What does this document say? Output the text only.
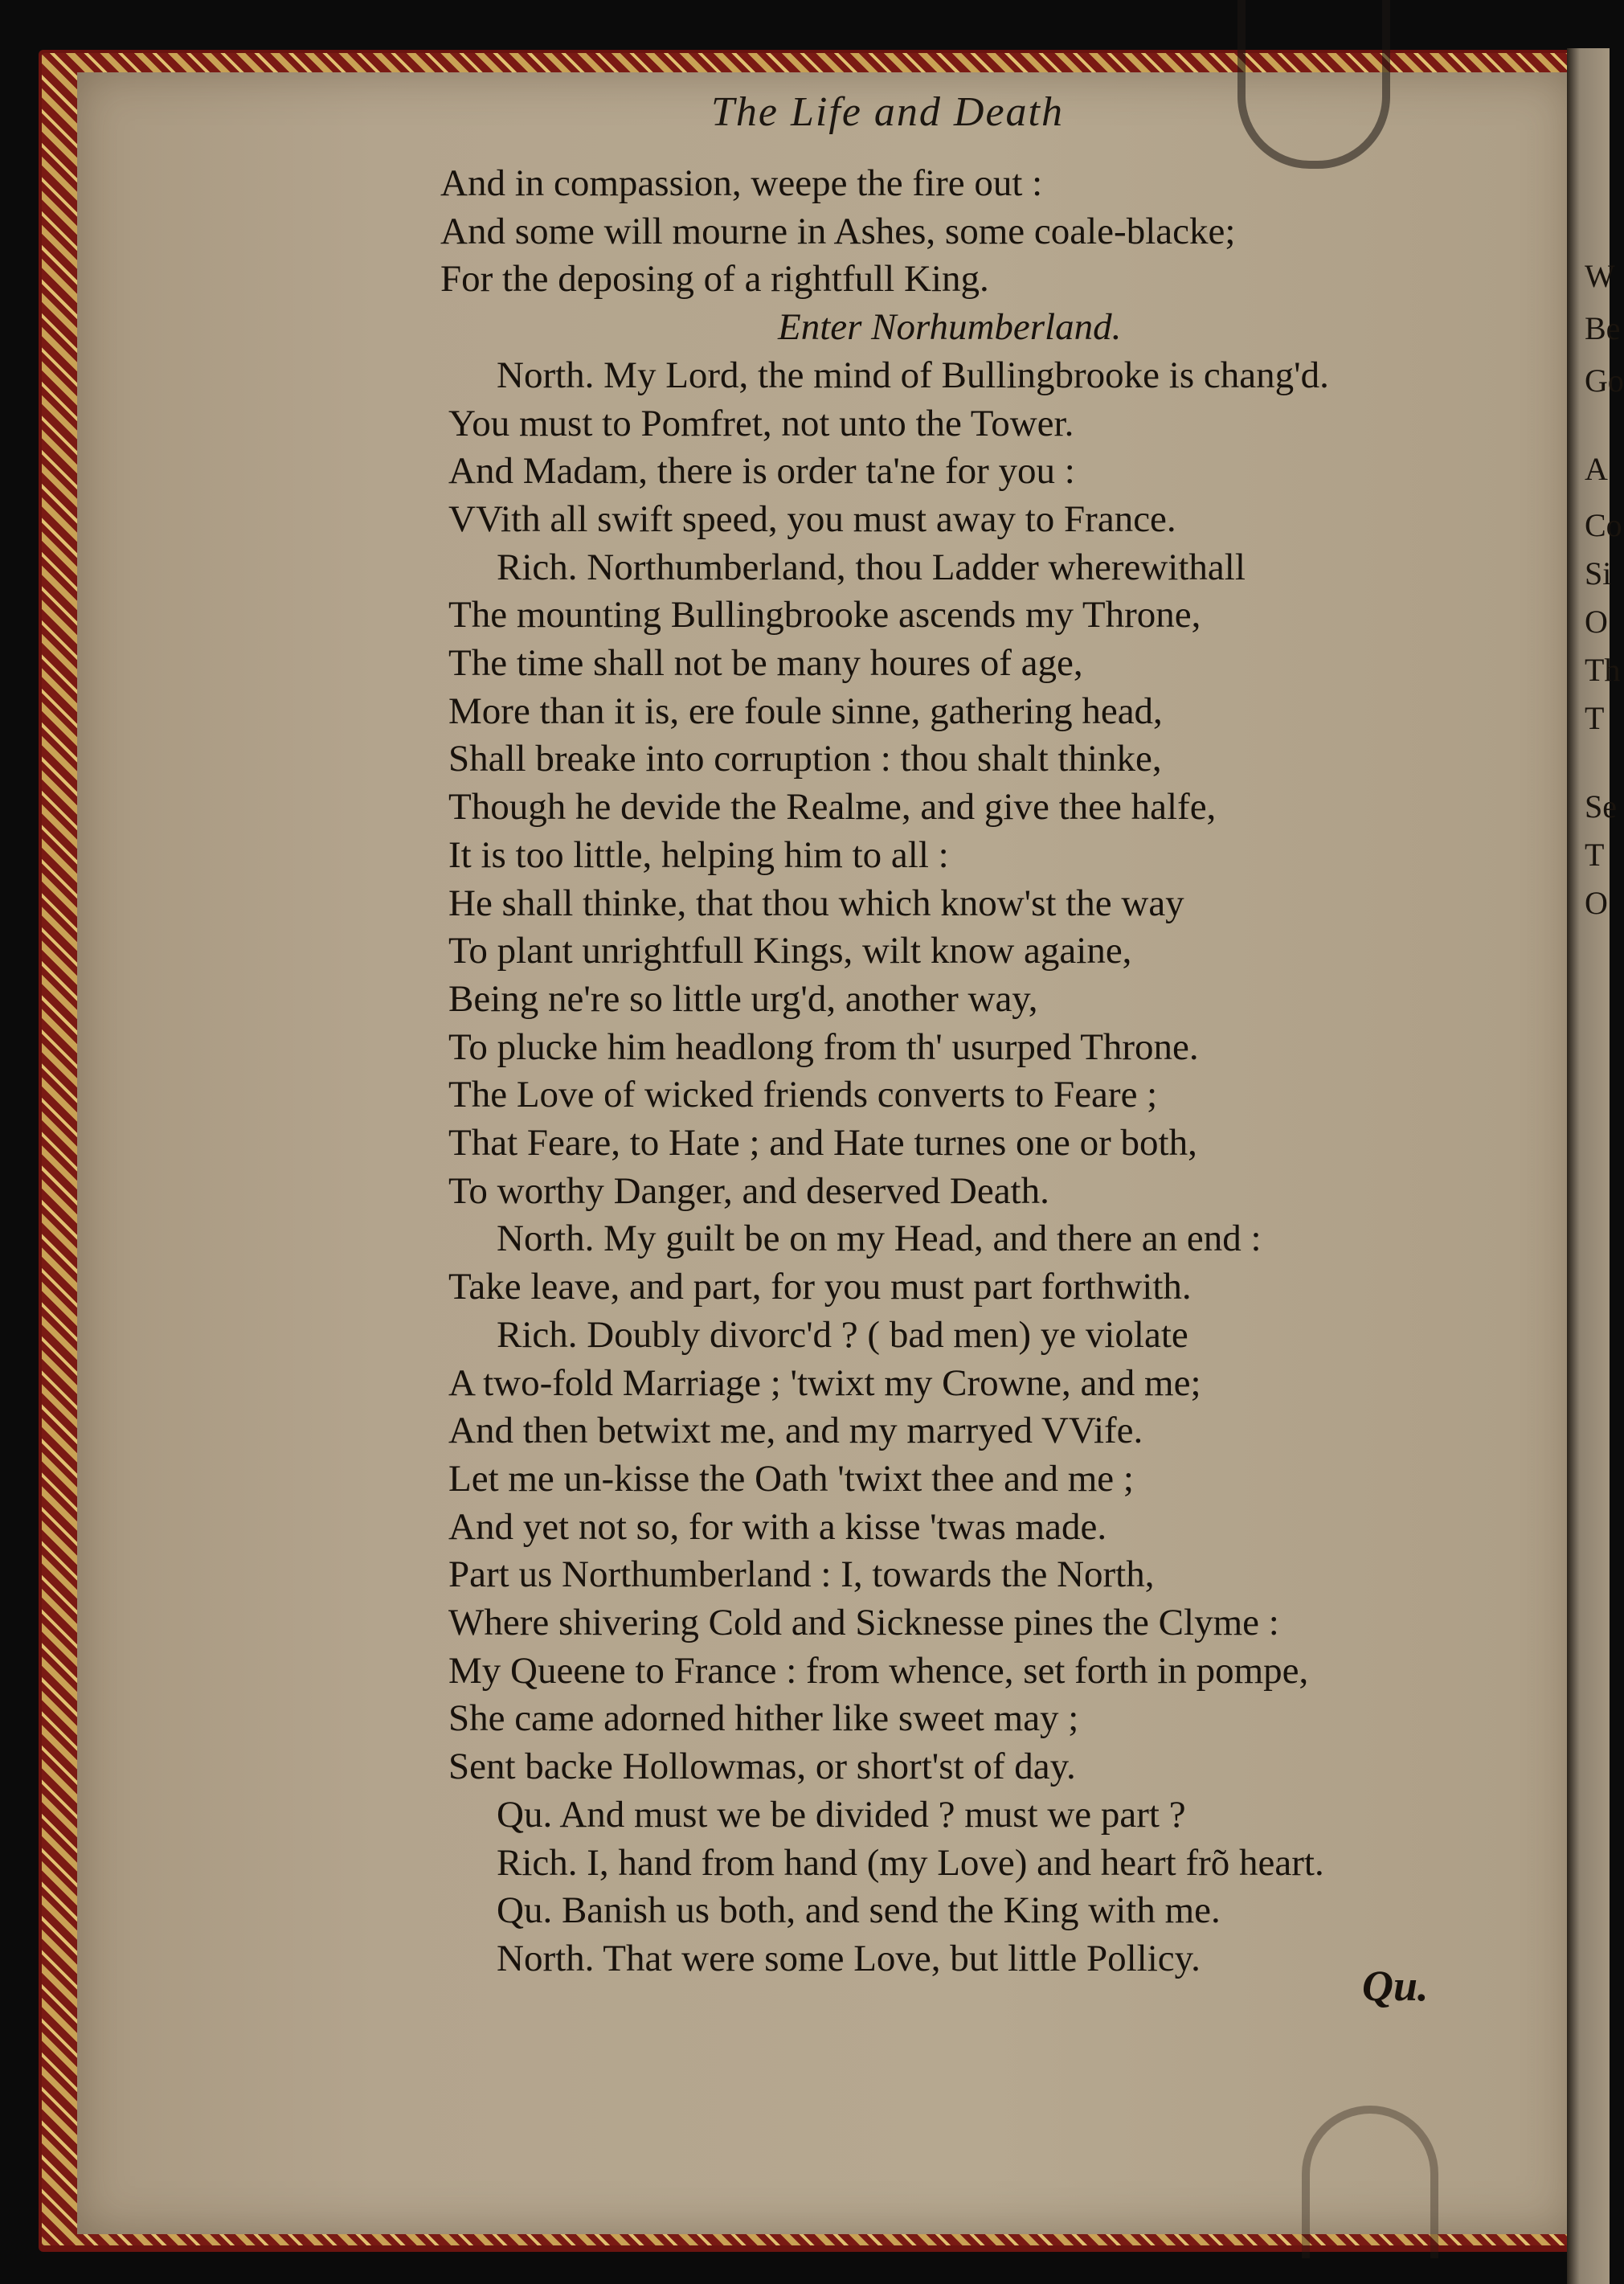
W
Be
Go
A
Co
Si
O
Th
T
Se
T
O
The Life and Death
And in compassion, weepe the fire out :
And some will mourne in Ashes, some coale-blacke;
For the deposing of a rightfull King.
Enter Norhumberland.
North. My Lord, the mind of Bullingbrooke is chang'd.
You must to Pomfret, not unto the Tower.
And Madam, there is order ta'ne for you :
VVith all swift speed, you must away to France.
Rich. Northumberland, thou Ladder wherewithall
The mounting Bullingbrooke ascends my Throne,
The time shall not be many houres of age,
More than it is, ere foule sinne, gathering head,
Shall breake into corruption : thou shalt thinke,
Though he devide the Realme, and give thee halfe,
It is too little, helping him to all :
He shall thinke, that thou which know'st the way
To plant unrightfull Kings, wilt know againe,
Being ne're so little urg'd, another way,
To plucke him headlong from th' usurped Throne.
The Love of wicked friends converts to Feare ;
That Feare, to Hate ; and Hate turnes one or both,
To worthy Danger, and deserved Death.
North. My guilt be on my Head, and there an end :
Take leave, and part, for you must part forthwith.
Rich. Doubly divorc'd ? ( bad men) ye violate
A two-fold Marriage ; 'twixt my Crowne, and me;
And then betwixt me, and my marryed VVife.
Let me un-kisse the Oath 'twixt thee and me ;
And yet not so, for with a kisse 'twas made.
Part us Northumberland : I, towards the North,
Where shivering Cold and Sicknesse pines the Clyme :
My Queene to France : from whence, set forth in pompe,
She came adorned hither like sweet may ;
Sent backe Hollowmas, or short'st of day.
Qu. And must we be divided ? must we part ?
Rich. I, hand from hand (my Love) and heart frõ heart.
Qu. Banish us both, and send the King with me.
North. That were some Love, but little Pollicy.
Qu.
